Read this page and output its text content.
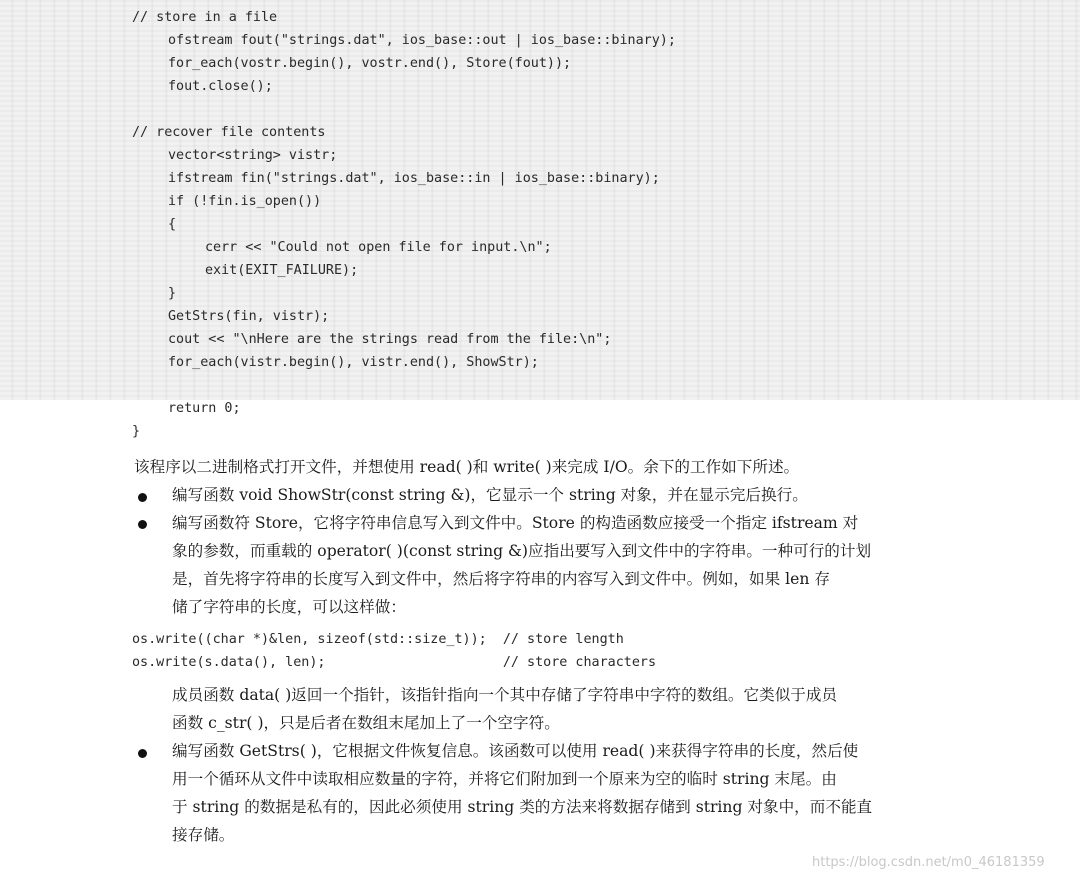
// store in a file
ofstream fout("strings.dat", ios_base::out | ios_base::binary);
for_each(vostr.begin(), vostr.end(), Store(fout));
fout.close();
// recover file contents
vector<string> vistr;
ifstream fin("strings.dat", ios_base::in | ios_base::binary);
if (!fin.is_open())
{
cerr << "Could not open file for input.\n";
exit(EXIT_FAILURE);
}
GetStrs(fin, vistr);
cout << "\nHere are the strings read from the file:\n";
for_each(vistr.begin(), vistr.end(), ShowStr);
return 0;
}
该程序以二进制格式打开文件，并想使用 read( )和 write( )来完成 I/O。余下的工作如下所述。
编写函数 void ShowStr(const string &)，它显示一个 string 对象，并在显示完后换行。
编写函数符 Store，它将字符串信息写入到文件中。Store 的构造函数应接受一个指定 ifstream 对
象的参数，而重载的 operator( )(const string &)应指出要写入到文件中的字符串。一种可行的计划
是，首先将字符串的长度写入到文件中，然后将字符串的内容写入到文件中。例如，如果 len 存
储了字符串的长度，可以这样做：
os.write((char *)&len, sizeof(std::size_t));  // store length
os.write(s.data(), len);                      // store characters
成员函数 data( )返回一个指针，该指针指向一个其中存储了字符串中字符的数组。它类似于成员
函数 c_str( )，只是后者在数组末尾加上了一个空字符。
编写函数 GetStrs( )，它根据文件恢复信息。该函数可以使用 read( )来获得字符串的长度，然后使
用一个循环从文件中读取相应数量的字符，并将它们附加到一个原来为空的临时 string 末尾。由
于 string 的数据是私有的，因此必须使用 string 类的方法来将数据存储到 string 对象中，而不能直
接存储。
https://blog.csdn.net/m0_46181359
